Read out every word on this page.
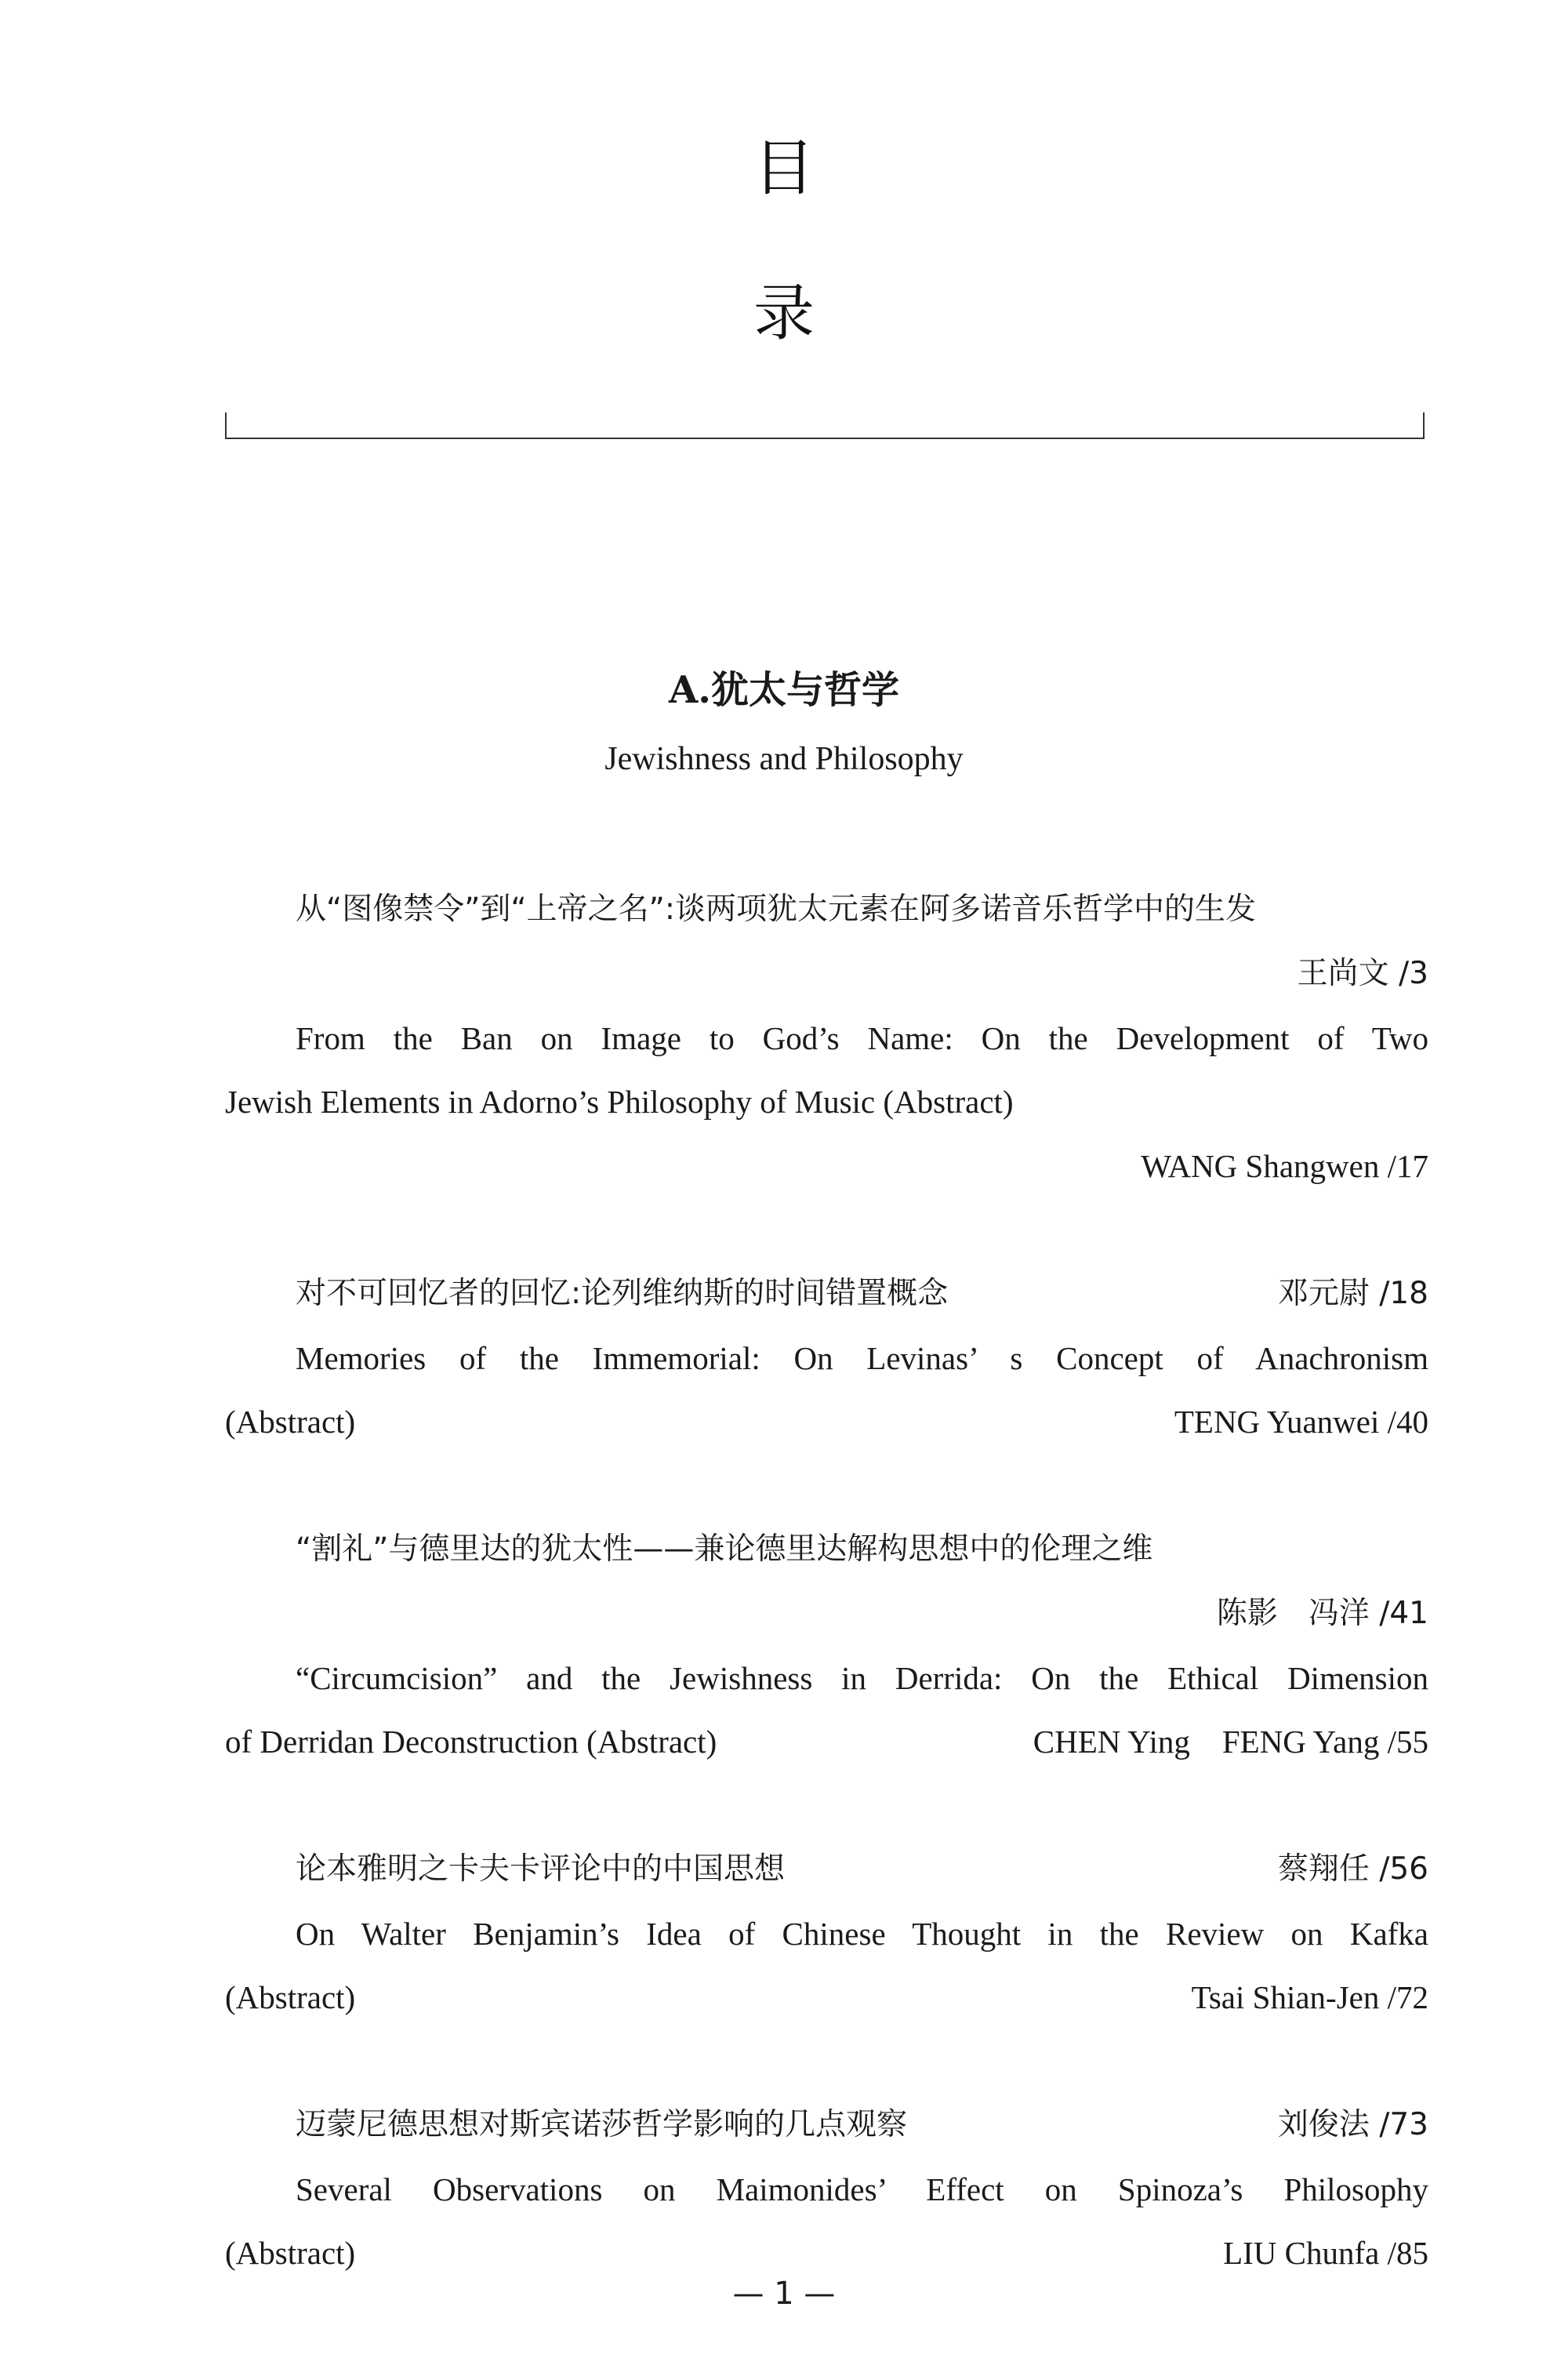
目
录
A.犹太与哲学
Jewishness and Philosophy
从“图像禁令”到“上帝之名”:谈两项犹太元素在阿多诺音乐哲学中的生发
王尚文 /3
From the Ban on Image to God’s Name: On the Development of Two
Jewish Elements in Adorno’s Philosophy of Music (Abstract)
WANG Shangwen /17
对不可回忆者的回忆:论列维纳斯的时间错置概念	邓元尉 /18
Memories of the Immemorial: On Levinas’ s Concept of Anachronism
(Abstract)	TENG Yuanwei /40
“割礼”与德里达的犹太性——兼论德里达解构思想中的伦理之维
陈影　冯洋 /41
“Circumcision” and the Jewishness in Derrida: On the Ethical Dimension
of Derridan Deconstruction (Abstract)	CHEN Ying　FENG Yang /55
论本雅明之卡夫卡评论中的中国思想	蔡翔任 /56
On Walter Benjamin’s Idea of Chinese Thought in the Review on Kafka
(Abstract)	Tsai Shian-Jen /72
迈蒙尼德思想对斯宾诺莎哲学影响的几点观察	刘俊法 /73
Several Observations on Maimonides’ Effect on Spinoza’s Philosophy
(Abstract)	LIU Chunfa /85
— 1 —
